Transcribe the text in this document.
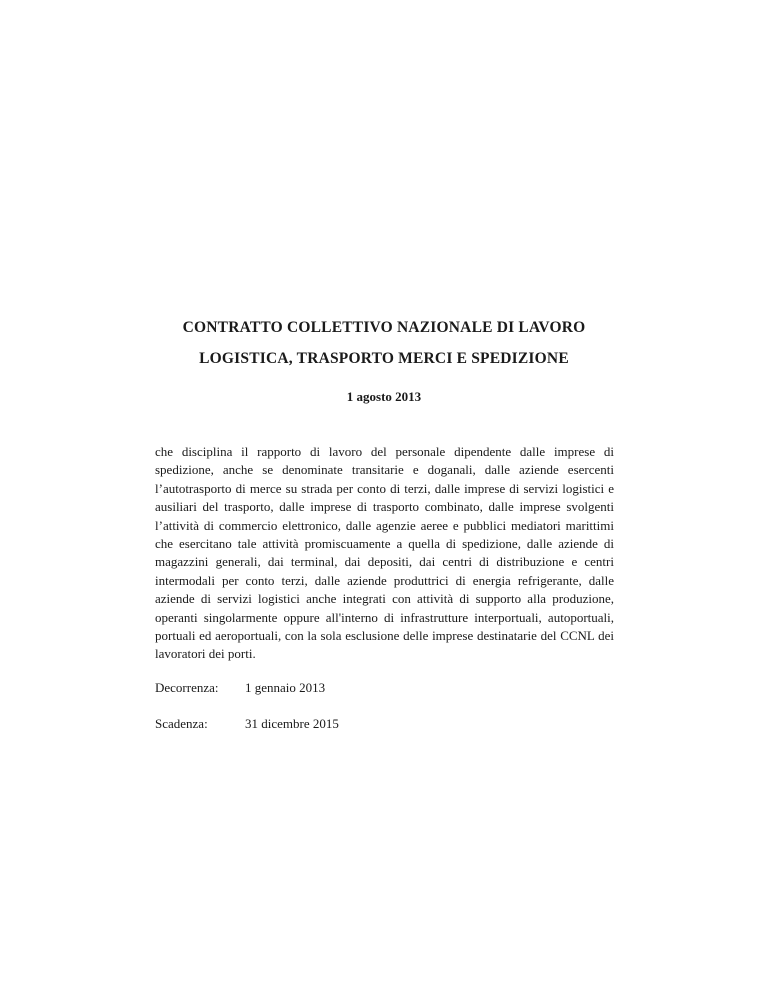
CONTRATTO COLLETTIVO NAZIONALE DI LAVORO

LOGISTICA, TRASPORTO MERCI E SPEDIZIONE

1 agosto 2013

che disciplina il rapporto di lavoro del personale dipendente dalle imprese di spedizione, anche se denominate transitarie e doganali, dalle aziende esercenti l’autotrasporto di merce su strada per conto di terzi, dalle imprese di servizi logistici e ausiliari del trasporto, dalle imprese di trasporto combinato, dalle imprese svolgenti l’attività di commercio elettronico, dalle agenzie aeree e pubblici mediatori marittimi che esercitano tale attività promiscuamente a quella di spedizione, dalle aziende di magazzini generali, dai terminal, dai depositi, dai centri di distribuzione e centri intermodali per conto terzi, dalle aziende produttrici di energia refrigerante, dalle aziende di servizi logistici anche integrati con attività di supporto alla produzione, operanti singolarmente oppure all'interno di infrastrutture interportuali, autoportuali, portuali ed aeroportuali, con la sola esclusione delle imprese destinatarie del CCNL dei lavoratori dei porti.

Decorrenza:	1 gennaio 2013
Scadenza:	31 dicembre 2015
